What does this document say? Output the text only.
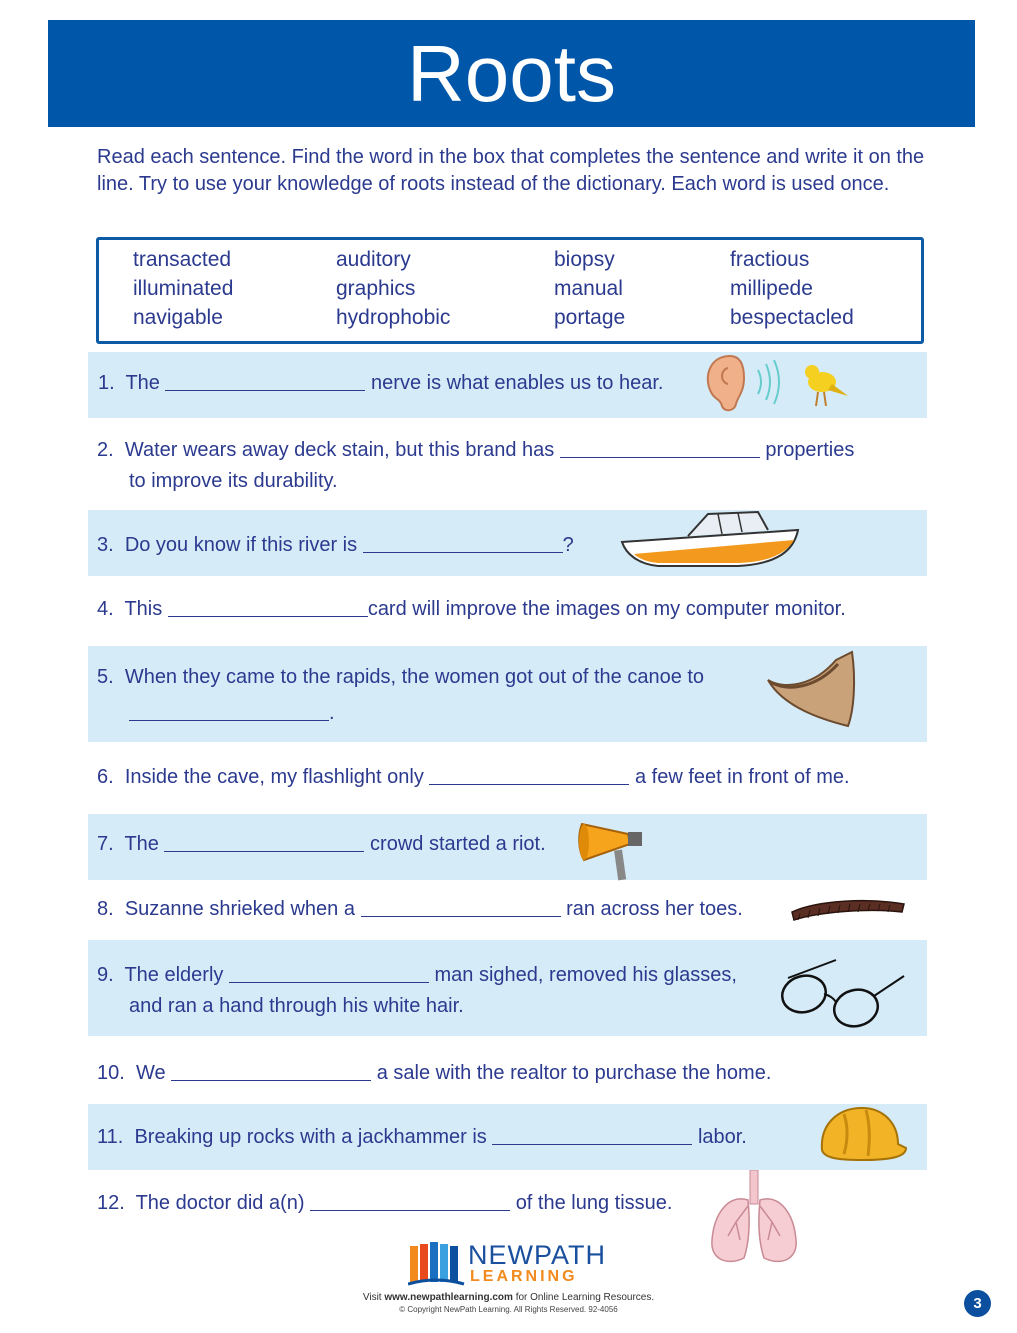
Roots

Read each sentence. Find the word in the box that completes the sentence and write it on the line. Try to use your knowledge of roots instead of the dictionary. Each word is used once.

transacted	auditory	biopsy	fractious
illuminated	graphics	manual	millipede
navigable	hydrophobic	portage	bespectacled
1. The	nerve is what enables us to hear.
2. Water wears away deck stain, but this brand has	properties
to improve its durability.
3. Do you know if this river is	?
4. This	card will improve the images on my computer monitor.
5. When they came to the rapids, the women got out of the canoe to
.
6. Inside the cave, my flashlight only	a few feet in front of me.
7. The	crowd started a riot.
8. Suzanne shrieked when a	ran across her toes.
9. The elderly	man sighed, removed his glasses,
and ran a hand through his white hair.
10. We	a sale with the realtor to purchase the home.
11. Breaking up rocks with a jackhammer is	labor.
12. The doctor did a(n)	of the lung tissue.
NEWPATH
LEARNING
Visit www.newpathlearning.com for Online Learning Resources.
© Copyright NewPath Learning. All Rights Reserved. 92-4056	3
